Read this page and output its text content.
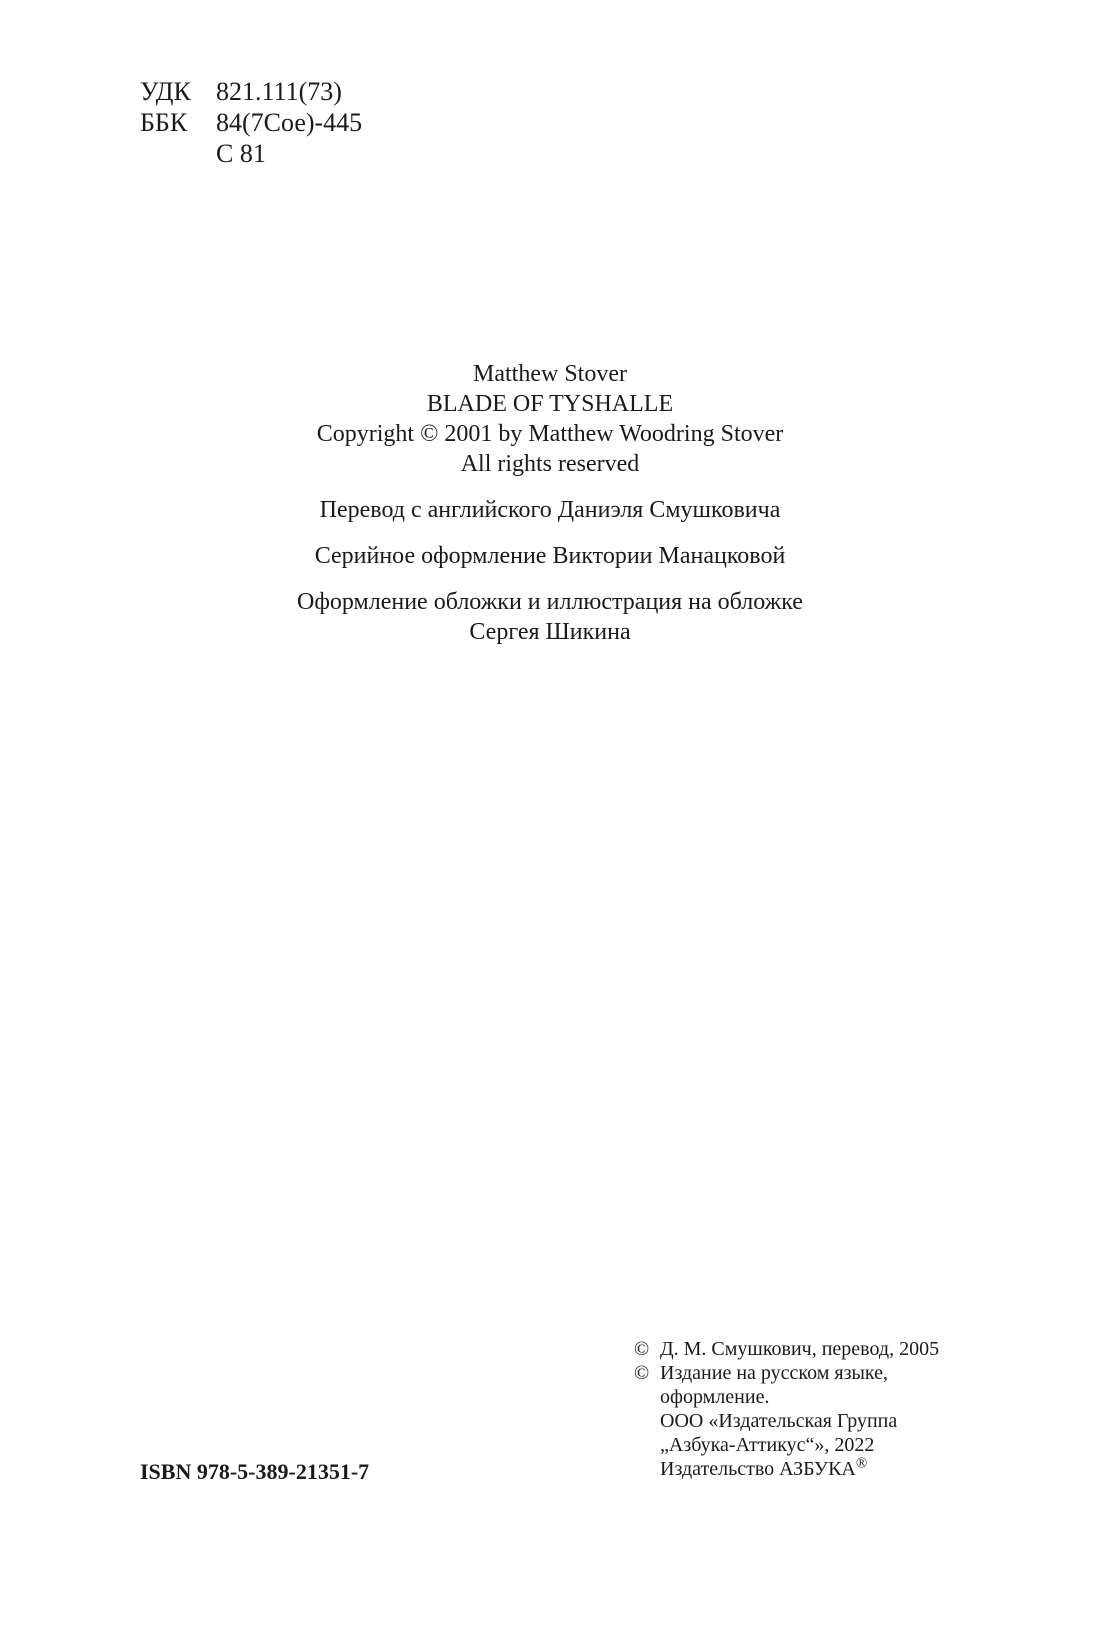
УДК 821.111(73)
ББК	84(7Сое)-445
С 81
Matthew Stover
BLADE OF TYSHALLE
Copyright © 2001 by Matthew Woodring Stover
All rights reserved
Перевод с английского Даниэля Смушковича
Серийное оформление Виктории Манацковой
Оформление обложки и иллюстрация на обложке
Сергея Шикина
ISBN 978-5-389-21351-7
© Д. М. Смушкович, перевод, 2005
© Издание на русском языке,
оформление.
ООО «Издательская Группа
„Азбука-Аттикус“», 2022
Издательство АЗБУКА®
